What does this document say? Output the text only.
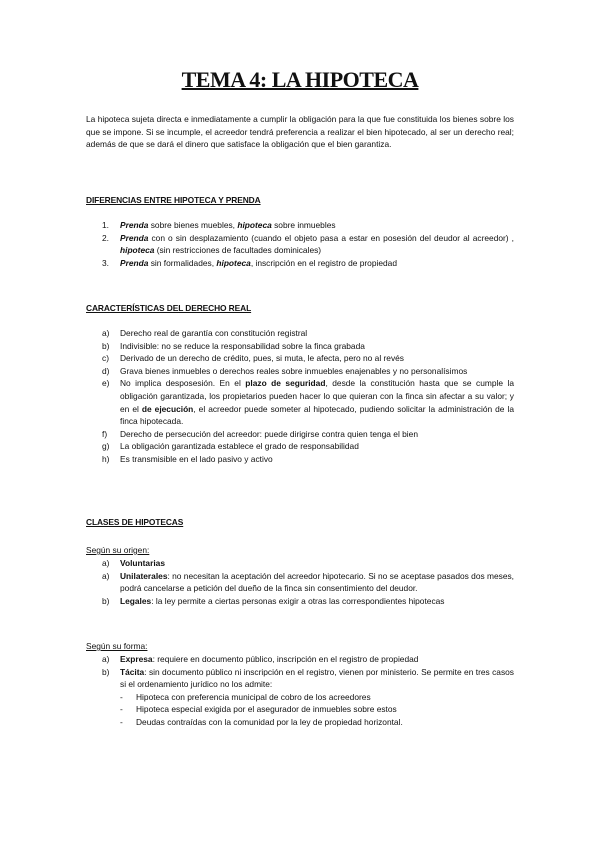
TEMA 4: LA HIPOTECA
La hipoteca sujeta directa e inmediatamente a cumplir la obligación para la que fue constituida los bienes sobre los que se impone. Si se incumple, el acreedor tendrá preferencia a realizar el bien hipotecado, al ser un derecho real; además de que se dará el dinero que satisface la obligación que el bien garantiza.
DIFERENCIAS ENTRE HIPOTECA Y PRENDA
1. Prenda sobre bienes muebles, hipoteca sobre inmuebles
2. Prenda con o sin desplazamiento (cuando el objeto pasa a estar en posesión del deudor al acreedor) , hipoteca (sin restricciones de facultades dominicales)
3. Prenda sin formalidades, hipoteca, inscripción en el registro de propiedad
CARACTERÍSTICAS DEL DERECHO REAL
a) Derecho real de garantía con constitución registral
b) Indivisible: no se reduce la responsabilidad sobre la finca grabada
c) Derivado de un derecho de crédito, pues, si muta, le afecta, pero no al revés
d) Grava bienes inmuebles o derechos reales sobre inmuebles enajenables y no personalísimos
e) No implica desposesión. En el plazo de seguridad, desde la constitución hasta que se cumple la obligación garantizada, los propietarios pueden hacer lo que quieran con la finca sin afectar a su valor; y en el de ejecución, el acreedor puede someter al hipotecado, pudiendo solicitar la administración de la finca hipotecada.
f) Derecho de persecución del acreedor: puede dirigirse contra quien tenga el bien
g) La obligación garantizada establece el grado de responsabilidad
h) Es transmisible en el lado pasivo y activo
CLASES DE HIPOTECAS
Según su origen:
a) Voluntarias
a) Unilaterales: no necesitan la aceptación del acreedor hipotecario. Si no se aceptase pasados dos meses, podrá cancelarse a petición del dueño de la finca sin consentimiento del deudor.
b) Legales: la ley permite a ciertas personas exigir a otras las correspondientes hipotecas
Según su forma:
a) Expresa: requiere en documento público, inscripción en el registro de propiedad
b) Tácita: sin documento público ni inscripción en el registro, vienen por ministerio. Se permite en tres casos si el ordenamiento jurídico no los admite:
- Hipoteca con preferencia municipal de cobro de los acreedores
- Hipoteca especial exigida por el asegurador de inmuebles sobre estos
- Deudas contraídas con la comunidad por la ley de propiedad horizontal.
